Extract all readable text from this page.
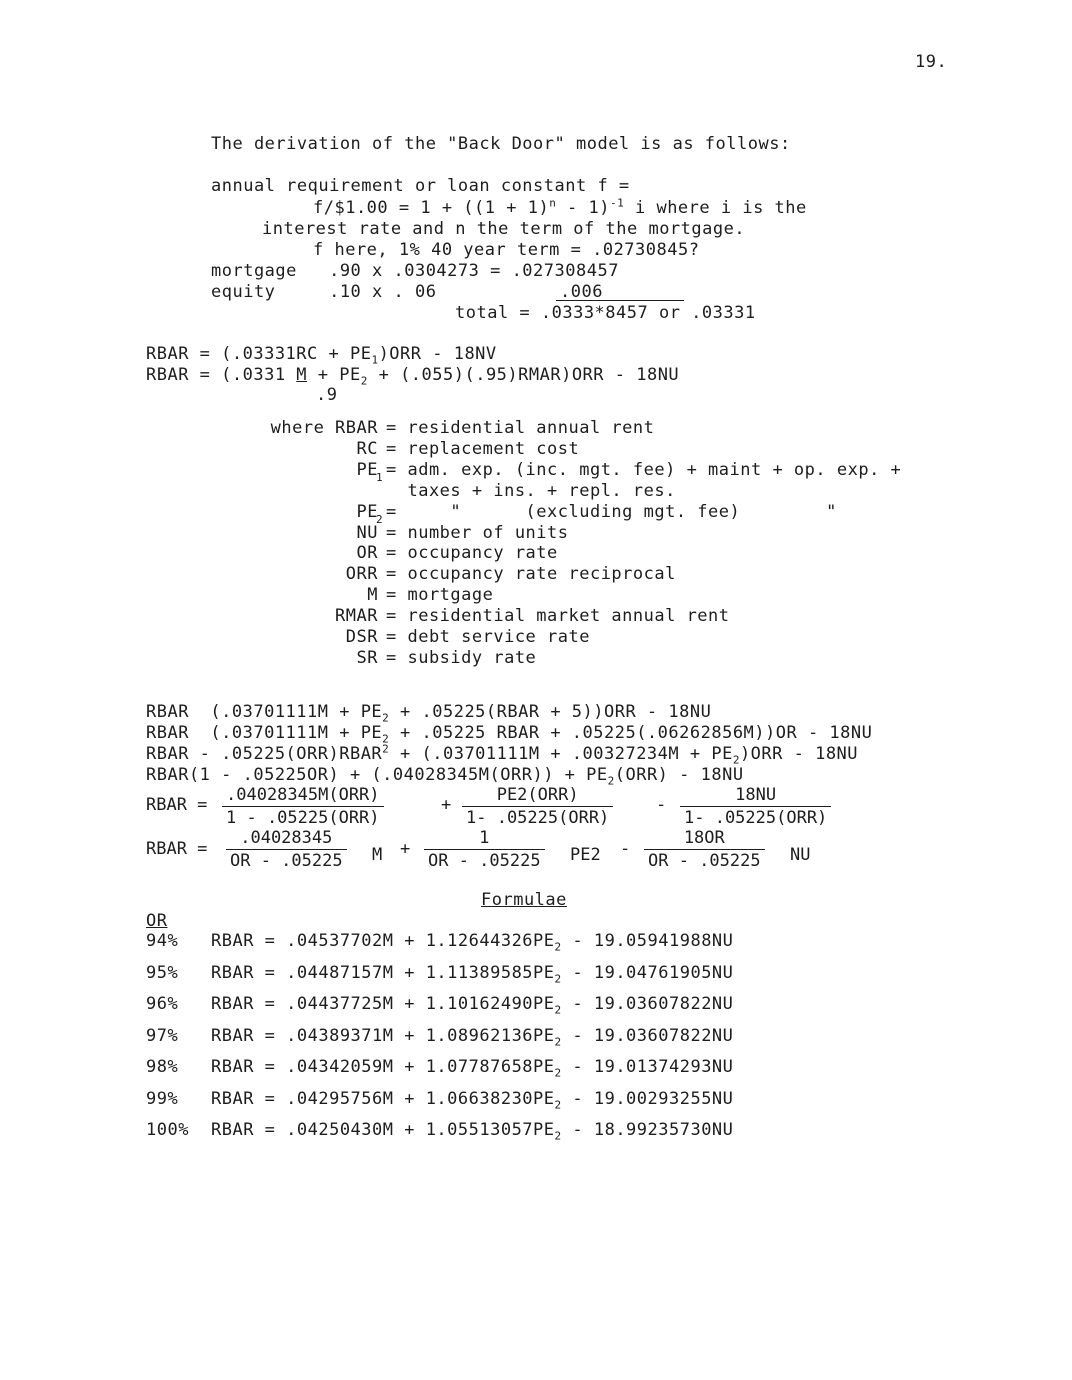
19.
The derivation of the "Back Door" model is as follows:
annual requirement or loan constant f =
f/$1.00 = $1 + ((1 + 1)^n - 1)^{-1}$ i where i is the
interest rate and n the term of the mortgage.
f here, 1% 40 year term = .02730845?
mortgage   .90 x .0304273 = .027308457
equity     .10 x . 06	.006
total = .0333*8457 or .03331
RBAR = $(.03331RC + PE_1)ORR - 18NV$
RBAR = (.0331 $M + PE_2$ + (.055)(.95)RMAR)ORR - 18NU
.9
where RBAR = residential annual rent
RC = replacement cost
PE
1 = adm. exp. (inc. mgt. fee) + maint + op. exp. +
taxes + ins. + repl. res.
PE
2 =     "      (excluding mgt. fee)        "
NU = number of units
OR = occupancy rate
ORR = occupancy rate reciprocal
M = mortgage
RMAR = residential market annual rent
DSR = debt service rate
SR = subsidy rate
RBAR  ($.03701111M + PE_2$ + .05225(RBAR + 5))ORR - 18NU
RBAR  ($.03701111M + PE_2 + .05225$ RBAR + .05225(.06262856M))OR - 18NU
RBAR - $.05225(ORR)RBAR^2 + (.03701111M + .00327234M + PE_2)ORR - 18NU$
RBAR(1 - $.05225OR) + (.04028345M(ORR)) + PE_2(ORR) - 18NU$
RBAR = .04028345M(ORR)
1 - .05225(ORR)
+	PE2(ORR)
1- .05225(ORR)
-	18NU
1- .05225(ORR)
RBAR = $\frac{.04028345}{OR - .05225}$ $M + \frac{1}{OR - .05225} PE2 - \frac{18OR}{OR - .05225}$ NU
Formulae
OR
94% RBAR = $.04537702M + 1.12644326PE_2 - 19.05941988NU$
95% RBAR = $.04487157M + 1.11389585PE_2 - 19.04761905NU$
96% RBAR = $.04437725M + 1.10162490PE_2 - 19.03607822NU$
97% RBAR = $.04389371M + 1.08962136PE_2 - 19.03607822NU$
98% RBAR = $.04342059M + 1.07787658PE_2 - 19.01374293NU$
99% RBAR = $.04295756M + 1.06638230PE_2 - 19.00293255NU$
100% RBAR = $.04250430M + 1.05513057PE_2 - 18.99235730NU$
